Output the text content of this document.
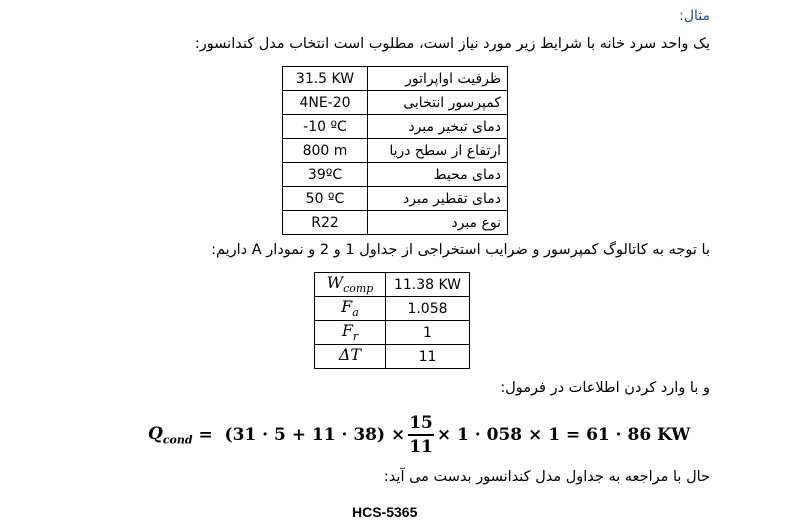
مثال:
یک واحد سرد خانه با شرایط زیر مورد نیاز است، مطلوب است انتخاب مدل کندانسور:
31.5 KW	ظرفیت اواپراتور
4NE-20	کمپرسور انتخابی
-10 ºC	دمای تبخیر مبرد
800 m	ارتفاع از سطح دریا
39ºC	دمای محیط
50 ºC	دمای تقطیر مبرد
R22	نوع مبرد
با توجه به کاتالوگ کمپرسور و ضرایب استخراجی از جداول 1 و 2 و نمودار A داریم:
$W_{comp}$	11.38 KW
$F_a$	1.058
$F_r$	1
ΔT	11
و با وارد کردن اطلاعات در فرمول:
$Q_{cond} = (31 \cdot 5 + 11 \cdot 38) \times \frac{15}{11} \times 1 \cdot 058 \times 1 = 61 \cdot 86$ KW
حال با مراجعه به جداول مدل کندانسور بدست می آید:
HCS-5365
